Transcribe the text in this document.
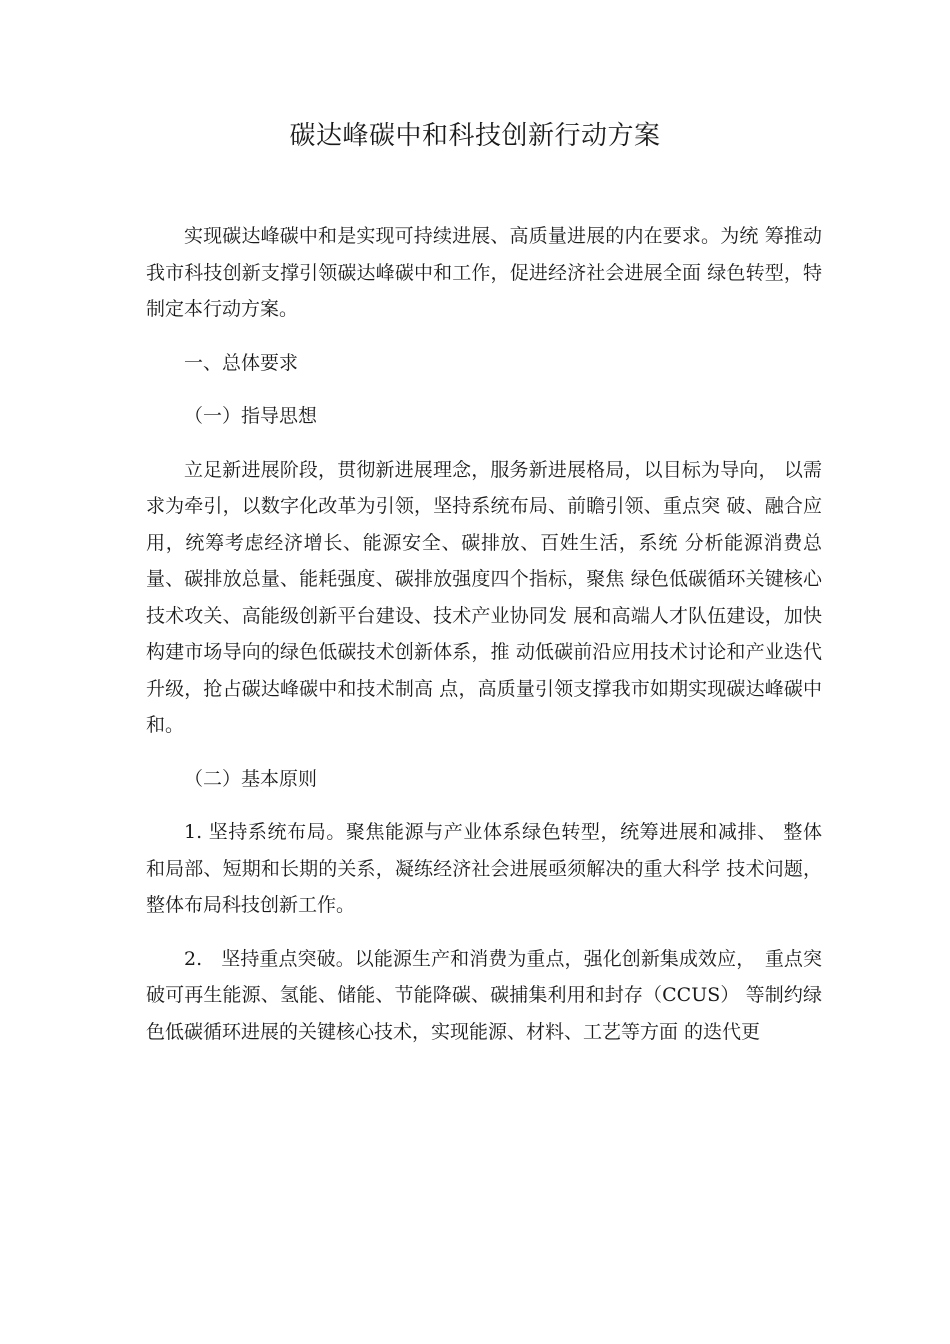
碳达峰碳中和科技创新行动方案

实现碳达峰碳中和是实现可持续进展、高质量进展的内在要求。为统 筹推动我市科技创新支撑引领碳达峰碳中和工作，促进经济社会进展全面 绿色转型，特制定本行动方案。

一、总体要求

（一）指导思想

立足新进展阶段，贯彻新进展理念，服务新进展格局，以目标为导向， 以需求为牵引，以数字化改革为引领，坚持系统布局、前瞻引领、重点突 破、融合应用，统筹考虑经济增长、能源安全、碳排放、百姓生活，系统 分析能源消费总量、碳排放总量、能耗强度、碳排放强度四个指标，聚焦 绿色低碳循环关键核心技术攻关、高能级创新平台建设、技术产业协同发 展和高端人才队伍建设，加快构建市场导向的绿色低碳技术创新体系，推 动低碳前沿应用技术讨论和产业迭代升级，抢占碳达峰碳中和技术制高 点，高质量引领支撑我市如期实现碳达峰碳中和。

（二）基本原则

1. 坚持系统布局。聚焦能源与产业体系绿色转型，统筹进展和减排、 整体和局部、短期和长期的关系，凝练经济社会进展亟须解决的重大科学 技术问题，整体布局科技创新工作。

2.　坚持重点突破。以能源生产和消费为重点，强化创新集成效应，　重点突破可再生能源、氢能、储能、节能降碳、碳捕集利用和封存（CCUS） 等制约绿色低碳循环进展的关键核心技术，实现能源、材料、工艺等方面 的迭代更
